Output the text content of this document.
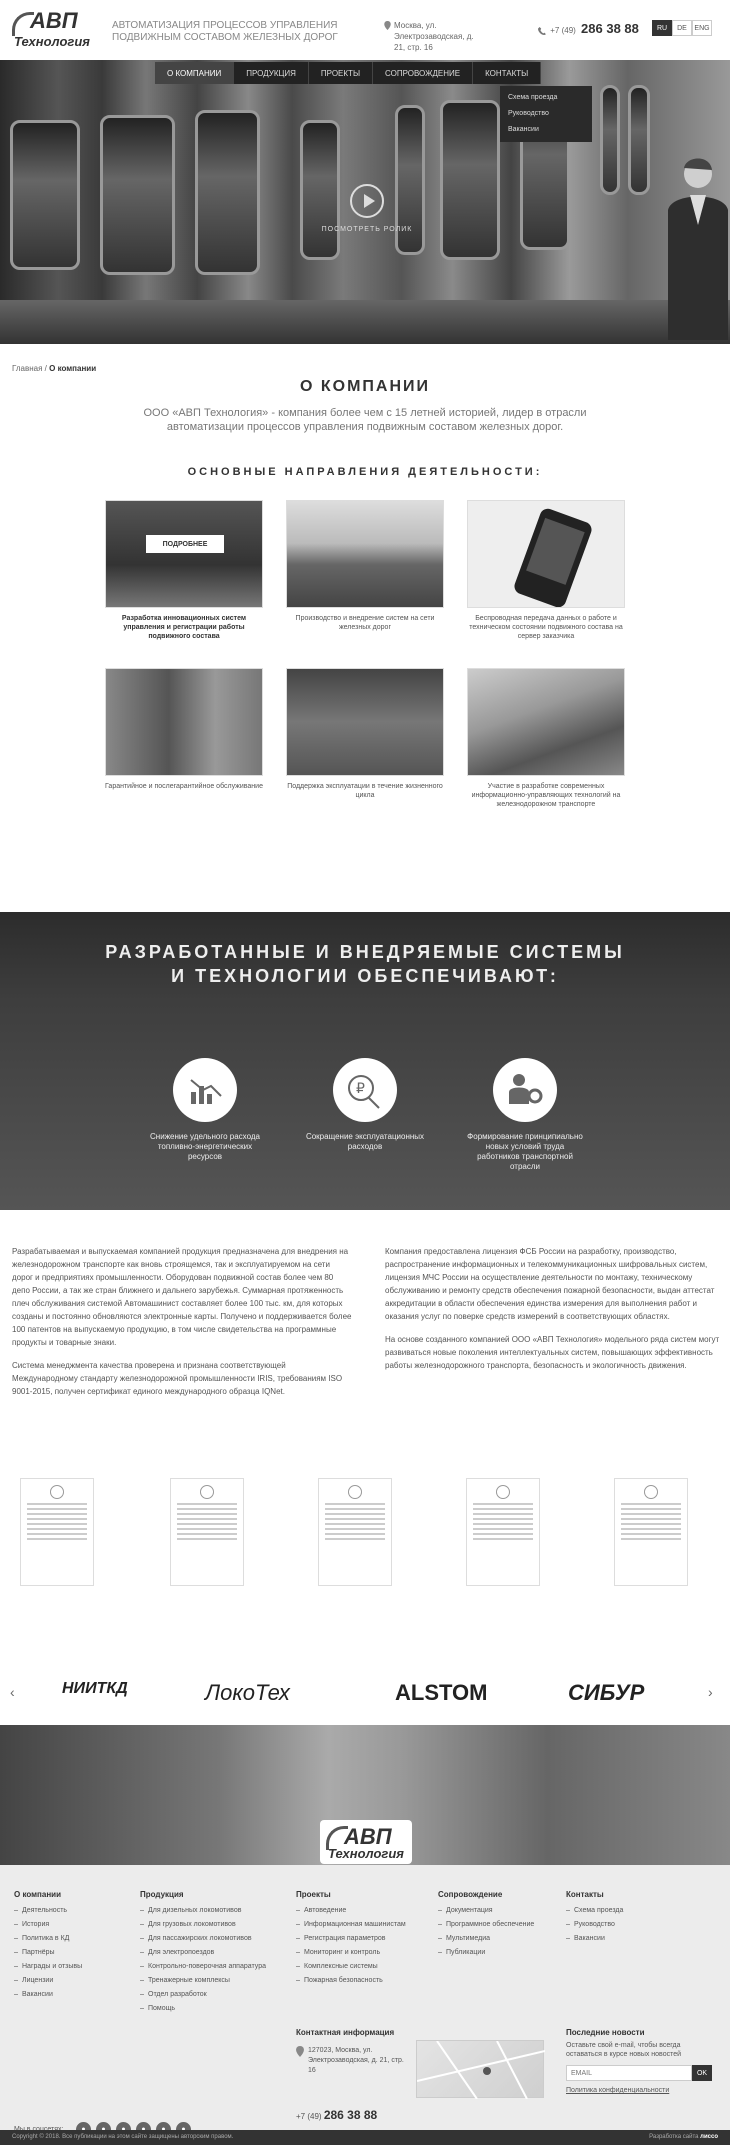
АВП
Технология
АВТОМАТИЗАЦИЯ ПРОЦЕССОВ УПРАВЛЕНИЯ ПОДВИЖНЫМ СОСТАВОМ ЖЕЛЕЗНЫХ ДОРОГ
Москва, ул. Электрозаводская, д. 21, стр. 16
+7 (49) 286 38 88	RU	DE	ENG
О КОМПАНИИ	ПРОДУКЦИЯ	ПРОЕКТЫ	СОПРОВОЖДЕНИЕ	КОНТАКТЫ
Схема проезда
Руководство
Вакансии
ПОСМОТРЕТЬ РОЛИК
Главная / О компании
О КОМПАНИИ
ООО «АВП Технология» - компания более чем с 15 летней историей, лидер в отрасли автоматизации процессов управления подвижным составом железных дорог.
ОСНОВНЫЕ НАПРАВЛЕНИЯ ДЕЯТЕЛЬНОСТИ:
ПОДРОБНЕЕ
Разработка инновационных систем управления и регистрации работы подвижного состава
Производство и внедрение систем на сети железных дорог
Беспроводная передача данных о работе и техническом состоянии подвижного состава на сервер заказчика
Гарантийное и послегарантийное обслуживание	Поддержка эксплуатации в течение жизненного цикла
Участие в разработке современных информационно-управляющих технологий на железнодорожном транспорте
РАЗРАБОТАННЫЕ И ВНЕДРЯЕМЫЕ СИСТЕМЫ
И ТЕХНОЛОГИИ ОБЕСПЕЧИВАЮТ:
Снижение удельного расхода топливно-энергетических ресурсов
₽
Сокращение эксплуатационных расходов
Формирование принципиально новых условий труда работников транспортной отрасли

Разрабатываемая и выпускаемая компанией продукция предназначена для внедрения на железнодорожном транспорте как вновь строящемся, так и эксплуатируемом на сети дорог и предприятиях промышленности. Оборудован подвижной состав более чем 80 депо России, а так же стран ближнего и дальнего зарубежья. Суммарная протяженность плеч обслуживания системой Автомашинист составляет более 100 тыс. км, для которых созданы и постоянно обновляются электронные карты. Получено и поддерживается более 100 патентов на выпускаемую продукцию, в том числе свидетельства на программные продукты и товарные знаки.

Система менеджмента качества проверена и признана соответствующей Международному стандарту железнодорожной промышленности IRIS, требованиям ISO 9001-2015, получен сертификат единого международного образца IQNet.

Компания предоставлена лицензия ФСБ России на разработку, производство, распространение информационных и телекоммуникационных шифровальных систем, лицензия МЧС России на осуществление деятельности по монтажу, техническому обслуживанию и ремонту средств обеспечения пожарной безопасности, выдан аттестат аккредитации в области обеспечения единства измерения для выполнения работ и оказания услуг по поверке средств измерений в соответствующих областях.

На основе созданного компанией ООО «АВП Технология» модельного ряда систем могут развиваться новые поколения интеллектуальных систем, повышающих эффективность работы железнодорожного транспорта, безопасность и экологичность движения.

‹	НИИТКД	ЛокоТех	ALSTOM	СИБУР	›
АВП
Технология
О компании
Деятельность
История
Политика в КД
Партнёры
Награды и отзывы
Лицензии
Вакансии
Продукция
Для дизельных локомотивов
Для грузовых локомотивов
Для пассажирских локомотивов
Для электропоездов
Контрольно-поверочная аппаратура
Тренажерные комплексы
Отдел разработок
Помощь
Проекты
Автоведение
Информационная машинистам
Регистрация параметров
Мониторинг и контроль
Комплексные системы
Пожарная безопасность
Сопровождение
Документация
Программное обеспечение
Мультимедиа
Публикации
Контакты
Схема проезда
Руководство
Вакансии
Контактная информация
127023, Москва, ул. Электрозаводская, д. 21, стр. 16
+7 (49) 286 38 88
Последние новости
Оставьте свой e-mail, чтобы всегда оставаться в курсе новых новостей
EMAIL
OK
Политика конфиденциальности
Copyright © 2018. Все публикации на этом сайте защищены авторским правом.	Разработка сайта лиссо
